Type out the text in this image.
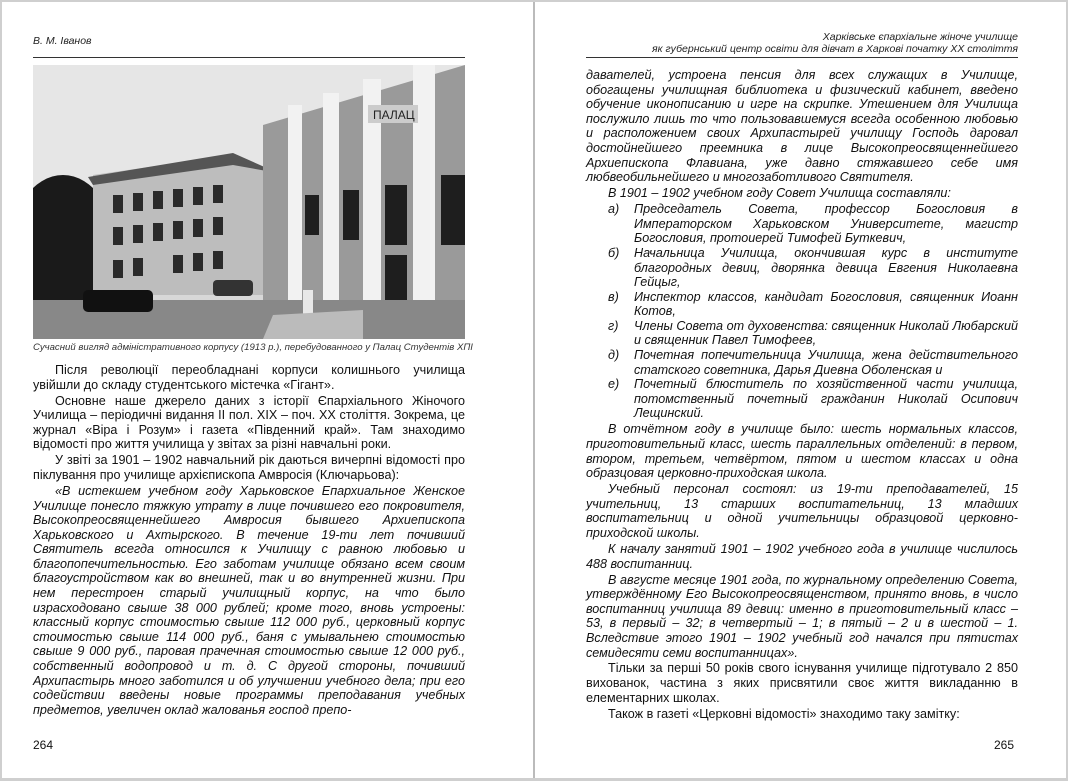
В. М. Іванов
ПАЛАЦ
Сучасний вигляд адміністративного корпусу (1913 р.), перебудованного у Палац Студентів ХПІ

Після революції переобладнані корпуси колишнього училища увійшли до складу студентського містечка «Гігант».

Основне наше джерело даних з історії Єпархіального Жіночого Училища – періодичні видання II пол. XIX – поч. XX століття. Зокрема, це журнал «Віра і Розум» і газета «Південний край». Там знаходимо відомості про життя училища у звітах за різні навчальні роки.

У звіті за 1901 – 1902 навчальний рік даються вичерпні відомості про піклування про училище архієпископа Амвросія (Ключарьова):

«В истекшем учебном году Харьковское Епархиальное Женское Училище понесло тяжкую утрату в лице почившего его покровителя, Высокопреосвященнейшего Амвросия бывшего Архиепископа Харьковского и Ахтырского. В течение 19-ти лет почивший Святитель всегда относился к Училищу с равною любовью и благопопечительностью. Его заботам училище обязано всем своим благоустройством как во внешней, так и во внутренней жизни. При нем перестроен старый училищный корпус, на что было израсходовано свыше 38 000 рублей; кроме того, вновь устроены: классный корпус стоимостью свыше 112 000 руб., церковный корпус стоимостью свыше 114 000 руб., баня с умывальнею стоимостью свыше 9 000 руб., паровая прачечная стоимостью свыше 12 000 руб., собственный водопровод и т. д. С другой стороны, почивший Архипастырь много заботился и об улучшении учебного дела; при его содействии введены новые программы преподавания учебных предметов, увеличен оклад жалованья господ препо-

264
Харківське єпархіальне жіноче училище
як губернський центр освіти для дівчат в Харкові початку XX століття

давателей, устроена пенсия для всех служащих в Училище, обогащены училищная библиотека и физический кабинет, введено обучение иконописанию и игре на скрипке. Утешением для Училища послужило лишь то что пользовавшемуся всегда особенною любовью и расположением своих Архипастырей училищу Господь даровал достойнейшего преемника в лице Высокопреосвященнейшего Архиепископа Флавиана, уже давно стяжавшего себе имя любвеобильнейшего и многозаботливого Святителя.

В 1901 – 1902 учебном году Совет Училища составляли:

а) Председатель Совета, профессор Богословия в Императорском Харьковском Университете, магистр Богословия, протоиерей Тимофей Буткевич,
б) Начальница Училища, окончившая курс в институте благородных девиц, дворянка девица Евгения Николаевна Гейцыг,
в) Инспектор классов, кандидат Богословия, священник Иоанн Котов,
г) Члены Совета от духовенства: священник Николай Любарский и священник Павел Тимофеев,
д) Почетная попечительница Училища, жена действительного статского советника, Дарья Диевна Оболенская и
е) Почетный блюститель по хозяйственной части училища, потомственный почетный гражданин Николай Осипович Лещинский.

В отчётном году в училище было: шесть нормальных классов, приготовительный класс, шесть параллельных отделений: в первом, втором, третьем, четвёртом, пятом и шестом классах и одна образцовая церковно-приходская школа.

Учебный персонал состоял: из 19-ти преподавателей, 15 учительниц, 13 старших воспитательниц, 13 младших воспитательниц и одной учительницы образцовой церковно-приходской школы.

К началу занятий 1901 – 1902 учебного года в училище числилось 488 воспитанниц.

В августе месяце 1901 года, по журнальному определению Совета, утверждённому Его Высокопреосвященством, принято вновь, в число воспитанниц училища 89 девиц: именно в приготовительный класс – 53, в первый – 32; в четвертый – 1; в пятый – 2 и в шестой – 1. Вследствие этого 1901 – 1902 учебный год начался при пятистах семидесяти семи воспитанницах».

Тільки за перші 50 років свого існування училище підготувало 2 850 вихованок, частина з яких присвятили своє життя викладанню в елементарних школах.

Також в газеті «Церковні відомості» знаходимо таку замітку:

265
